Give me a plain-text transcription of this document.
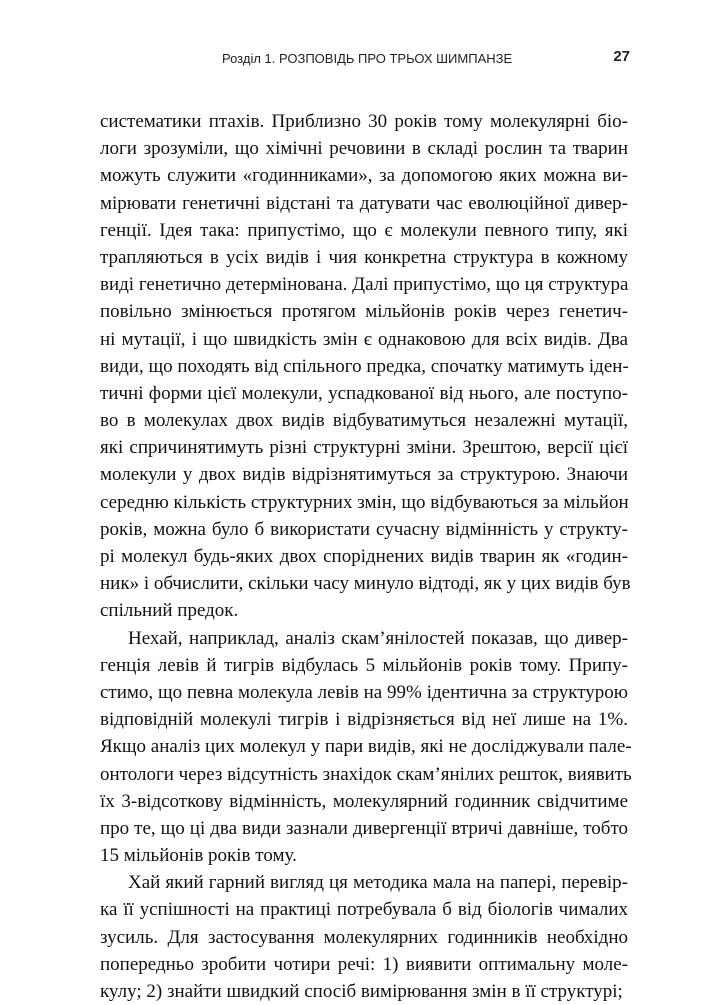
Розділ 1. РОЗПОВІДЬ ПРО ТРЬОХ ШИМПАНЗЕ	27
систематики птахів. Приблизно 30 років тому молекулярні біо-
логи зрозуміли, що хімічні речовини в складі рослин та тварин
можуть служити «годинниками», за допомогою яких можна ви-
мірювати генетичні відстані та датувати час еволюційної дивер-
генції. Ідея така: припустімо, що є молекули певного типу, які
трапляються в усіх видів і чия конкретна структура в кожному
виді генетично детермінована. Далі припустімо, що ця структура
повільно змінюється протягом мільйонів років через генетич-
ні мутації, і що швидкість змін є однаковою для всіх видів. Два
види, що походять від спільного предка, спочатку матимуть іден-
тичні форми цієї молекули, успадкованої від нього, але поступо-
во в молекулах двох видів відбуватимуться незалежні мутації,
які спричинятимуть різні структурні зміни. Зрештою, версії цієї
молекули у двох видів відрізнятимуться за структурою. Знаючи
середню кількість структурних змін, що відбуваються за мільйон
років, можна було б використати сучасну відмінність у структу-
рі молекул будь-яких двох споріднених видів тварин як «годин-
ник» і обчислити, скільки часу минуло відтоді, як у цих видів був
спільний предок.
Нехай, наприклад, аналіз скам’янілостей показав, що дивер-
генція левів й тигрів відбулась 5 мільйонів років тому. Припу-
стимо, що певна молекула левів на 99% ідентична за структурою
відповідній молекулі тигрів і відрізняється від неї лише на 1%.
Якщо аналіз цих молекул у пари видів, які не досліджували пале-
онтологи через відсутність знахідок скам’янілих решток, виявить
їх 3-відсоткову відмінність, молекулярний годинник свідчитиме
про те, що ці два види зазнали дивергенції втричі давніше, тобто
15 мільйонів років тому.
Хай який гарний вигляд ця методика мала на папері, перевір-
ка її успішності на практиці потребувала б від біологів чималих
зусиль. Для застосування молекулярних годинників необхідно
попередньо зробити чотири речі: 1) виявити оптимальну моле-
кулу; 2) знайти швидкий спосіб вимірювання змін в її структурі;
